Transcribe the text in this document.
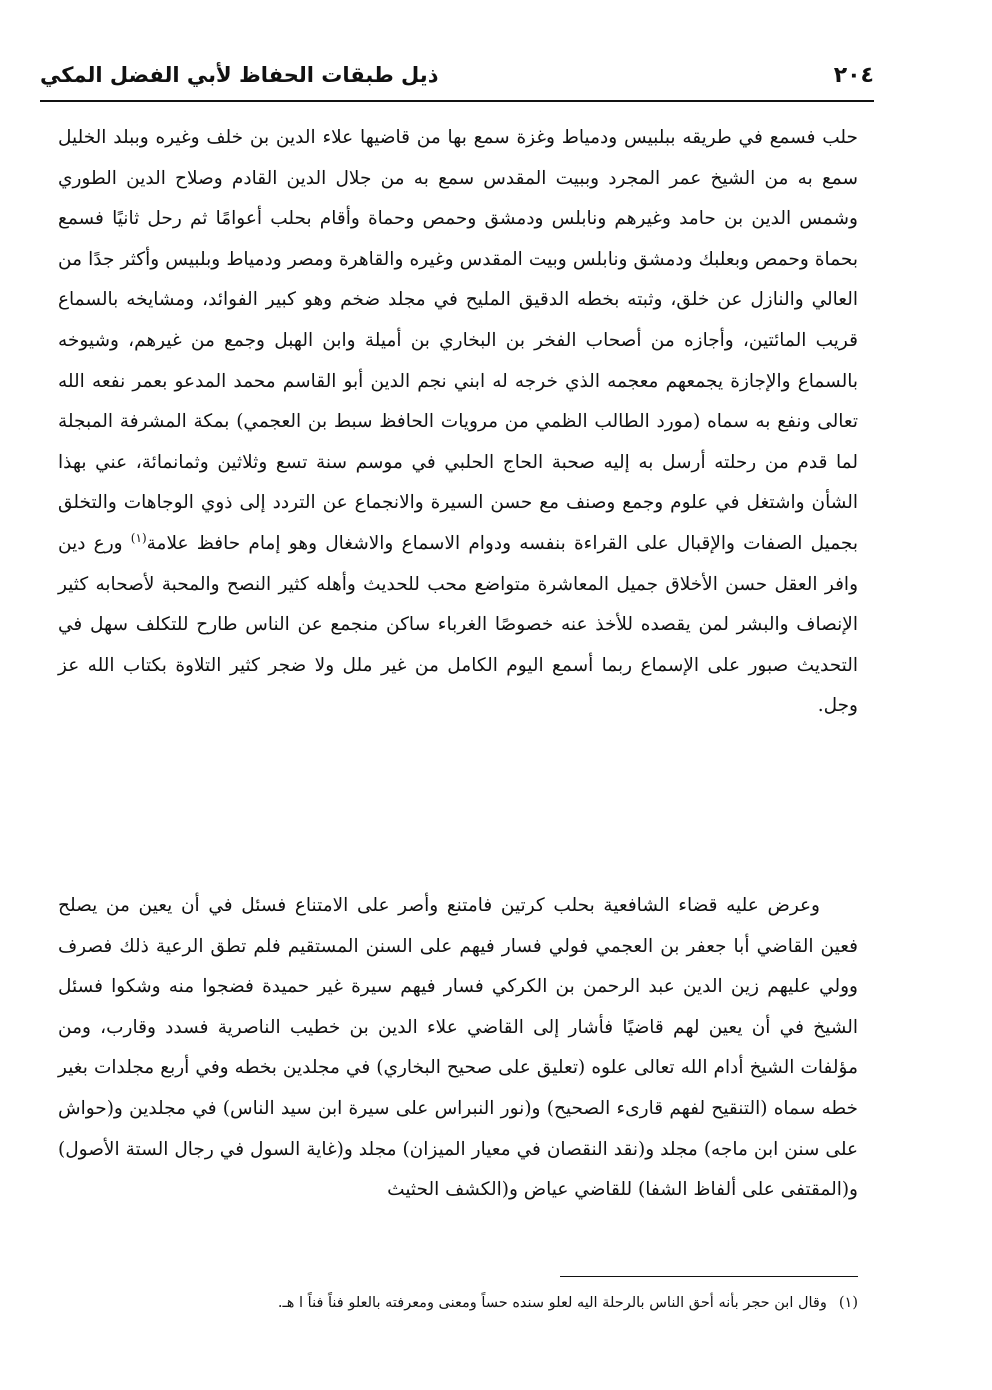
٢٠٤
ذيل طبقات الحفاظ لأبي الفضل المكي

حلب فسمع في طريقه ببلبيس ودمياط وغزة سمع بها من قاضيها علاء الدين بن خلف وغيره وببلد الخليل سمع به من الشيخ عمر المجرد وببيت المقدس سمع به من جلال الدين القادم وصلاح الدين الطوري وشمس الدين بن حامد وغيرهم ونابلس ودمشق وحمص وحماة وأقام بحلب أعوامًا ثم رحل ثانيًا فسمع بحماة وحمص وبعلبك ودمشق ونابلس وبيت المقدس وغيره والقاهرة ومصر ودمياط وبلبيس وأكثر جدًا من العالي والنازل عن خلق، وثبته بخطه الدقيق المليح في مجلد ضخم وهو كبير الفوائد، ومشايخه بالسماع قريب المائتين، وأجازه من أصحاب الفخر بن البخاري بن أميلة وابن الهبل وجمع من غيرهم، وشيوخه بالسماع والإجازة يجمعهم معجمه الذي خرجه له ابني نجم الدين أبو القاسم محمد المدعو بعمر نفعه الله تعالى ونفع به سماه (مورد الطالب الظمي من مرويات الحافظ سبط بن العجمي) بمكة المشرفة المبجلة لما قدم من رحلته أرسل به إليه صحبة الحاج الحلبي في موسم سنة تسع وثلاثين وثمانمائة، عني بهذا الشأن واشتغل في علوم وجمع وصنف مع حسن السيرة والانجماع عن التردد إلى ذوي الوجاهات والتخلق بجميل الصفات والإقبال على القراءة بنفسه ودوام الاسماع والاشغال وهو إمام حافظ علامة$^{(١)}$ ورع دين وافر العقل حسن الأخلاق جميل المعاشرة متواضع محب للحديث وأهله كثير النصح والمحبة لأصحابه كثير الإنصاف والبشر لمن يقصده للأخذ عنه خصوصًا الغرباء ساكن منجمع عن الناس طارح للتكلف سهل في التحديث صبور على الإسماع ربما أسمع اليوم الكامل من غير ملل ولا ضجر كثير التلاوة بكتاب الله عز وجل.

وعرض عليه قضاء الشافعية بحلب كرتين فامتنع وأصر على الامتناع فسئل في أن يعين من يصلح فعين القاضي أبا جعفر بن العجمي فولي فسار فيهم على السنن المستقيم فلم تطق الرعية ذلك فصرف وولي عليهم زين الدين عبد الرحمن بن الكركي فسار فيهم سيرة غير حميدة فضجوا منه وشكوا فسئل الشيخ في أن يعين لهم قاضيًا فأشار إلى القاضي علاء الدين بن خطيب الناصرية فسدد وقارب، ومن مؤلفات الشيخ أدام الله تعالى علوه (تعليق على صحيح البخاري) في مجلدين بخطه وفي أربع مجلدات بغير خطه سماه (التنقيح لفهم قارىء الصحيح) و(نور النبراس على سيرة ابن سيد الناس) في مجلدين و(حواش على سنن ابن ماجه) مجلد و(نقد النقصان في معيار الميزان) مجلد و(غاية السول في رجال الستة الأصول) و(المقتفى على ألفاظ الشفا) للقاضي عياض و(الكشف الحثيث

(١)وقال ابن حجر بأنه أحق الناس بالرحلة اليه لعلو سنده حساً ومعنى ومعرفته بالعلو فناً فناً ا هـ.
